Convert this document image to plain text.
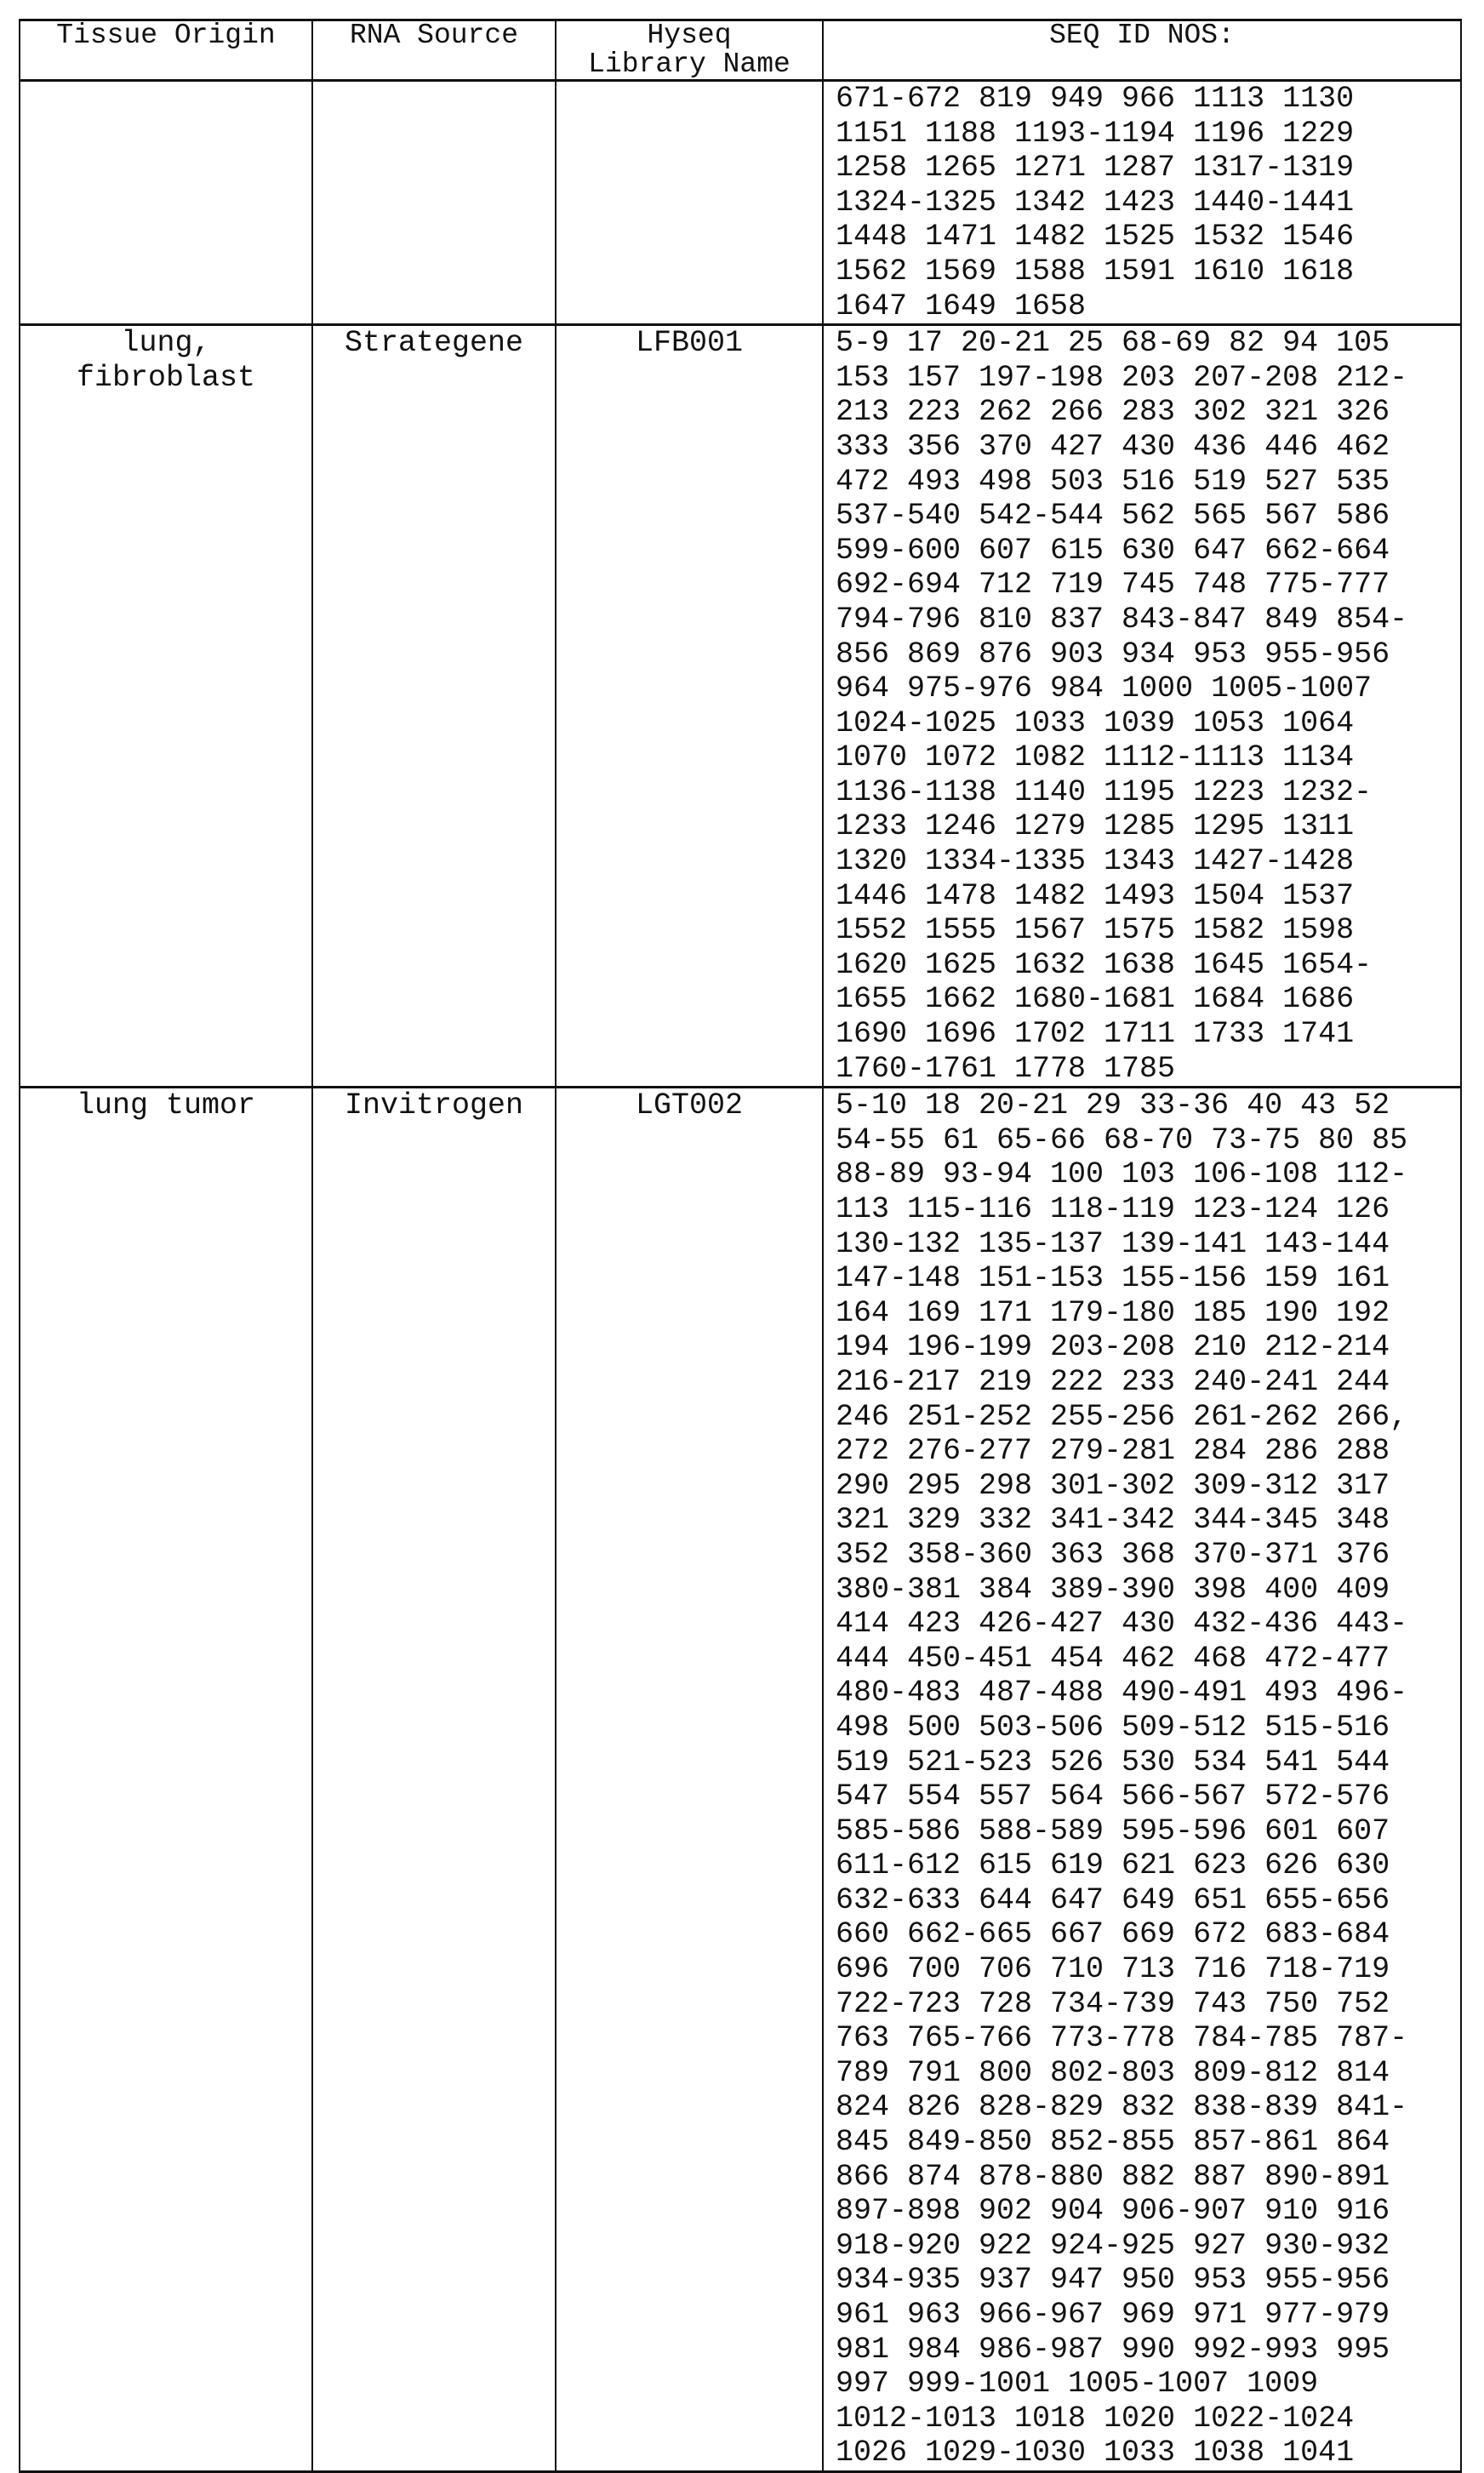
Tissue Origin	RNA Source	Hyseq
Library Name
	SEQ ID NOS:

671-672 819 949 966 1113 1130
1151 1188 1193-1194 1196 1229
1258 1265 1271 1287 1317-1319
1324-1325 1342 1423 1440-1441
1448 1471 1482 1525 1532 1546
1562 1569 1588 1591 1610 1618
1647 1649 1658

lung,
fibroblast
	Strategene	LFB001	5-9 17 20-21 25 68-69 82 94 105
153 157 197-198 203 207-208 212-
213 223 262 266 283 302 321 326
333 356 370 427 430 436 446 462
472 493 498 503 516 519 527 535
537-540 542-544 562 565 567 586
599-600 607 615 630 647 662-664
692-694 712 719 745 748 775-777
794-796 810 837 843-847 849 854-
856 869 876 903 934 953 955-956
964 975-976 984 1000 1005-1007
1024-1025 1033 1039 1053 1064
1070 1072 1082 1112-1113 1134
1136-1138 1140 1195 1223 1232-
1233 1246 1279 1285 1295 1311
1320 1334-1335 1343 1427-1428
1446 1478 1482 1493 1504 1537
1552 1555 1567 1575 1582 1598
1620 1625 1632 1638 1645 1654-
1655 1662 1680-1681 1684 1686
1690 1696 1702 1711 1733 1741
1760-1761 1778 1785

lung tumor	Invitrogen	LGT002	5-10 18 20-21 29 33-36 40 43 52
54-55 61 65-66 68-70 73-75 80 85
88-89 93-94 100 103 106-108 112-
113 115-116 118-119 123-124 126
130-132 135-137 139-141 143-144
147-148 151-153 155-156 159 161
164 169 171 179-180 185 190 192
194 196-199 203-208 210 212-214
216-217 219 222 233 240-241 244
246 251-252 255-256 261-262 266,
272 276-277 279-281 284 286 288
290 295 298 301-302 309-312 317
321 329 332 341-342 344-345 348
352 358-360 363 368 370-371 376
380-381 384 389-390 398 400 409
414 423 426-427 430 432-436 443-
444 450-451 454 462 468 472-477
480-483 487-488 490-491 493 496-
498 500 503-506 509-512 515-516
519 521-523 526 530 534 541 544
547 554 557 564 566-567 572-576
585-586 588-589 595-596 601 607
611-612 615 619 621 623 626 630
632-633 644 647 649 651 655-656
660 662-665 667 669 672 683-684
696 700 706 710 713 716 718-719
722-723 728 734-739 743 750 752
763 765-766 773-778 784-785 787-
789 791 800 802-803 809-812 814
824 826 828-829 832 838-839 841-
845 849-850 852-855 857-861 864
866 874 878-880 882 887 890-891
897-898 902 904 906-907 910 916
918-920 922 924-925 927 930-932
934-935 937 947 950 953 955-956
961 963 966-967 969 971 977-979
981 984 986-987 990 992-993 995
997 999-1001 1005-1007 1009
1012-1013 1018 1020 1022-1024
1026 1029-1030 1033 1038 1041
